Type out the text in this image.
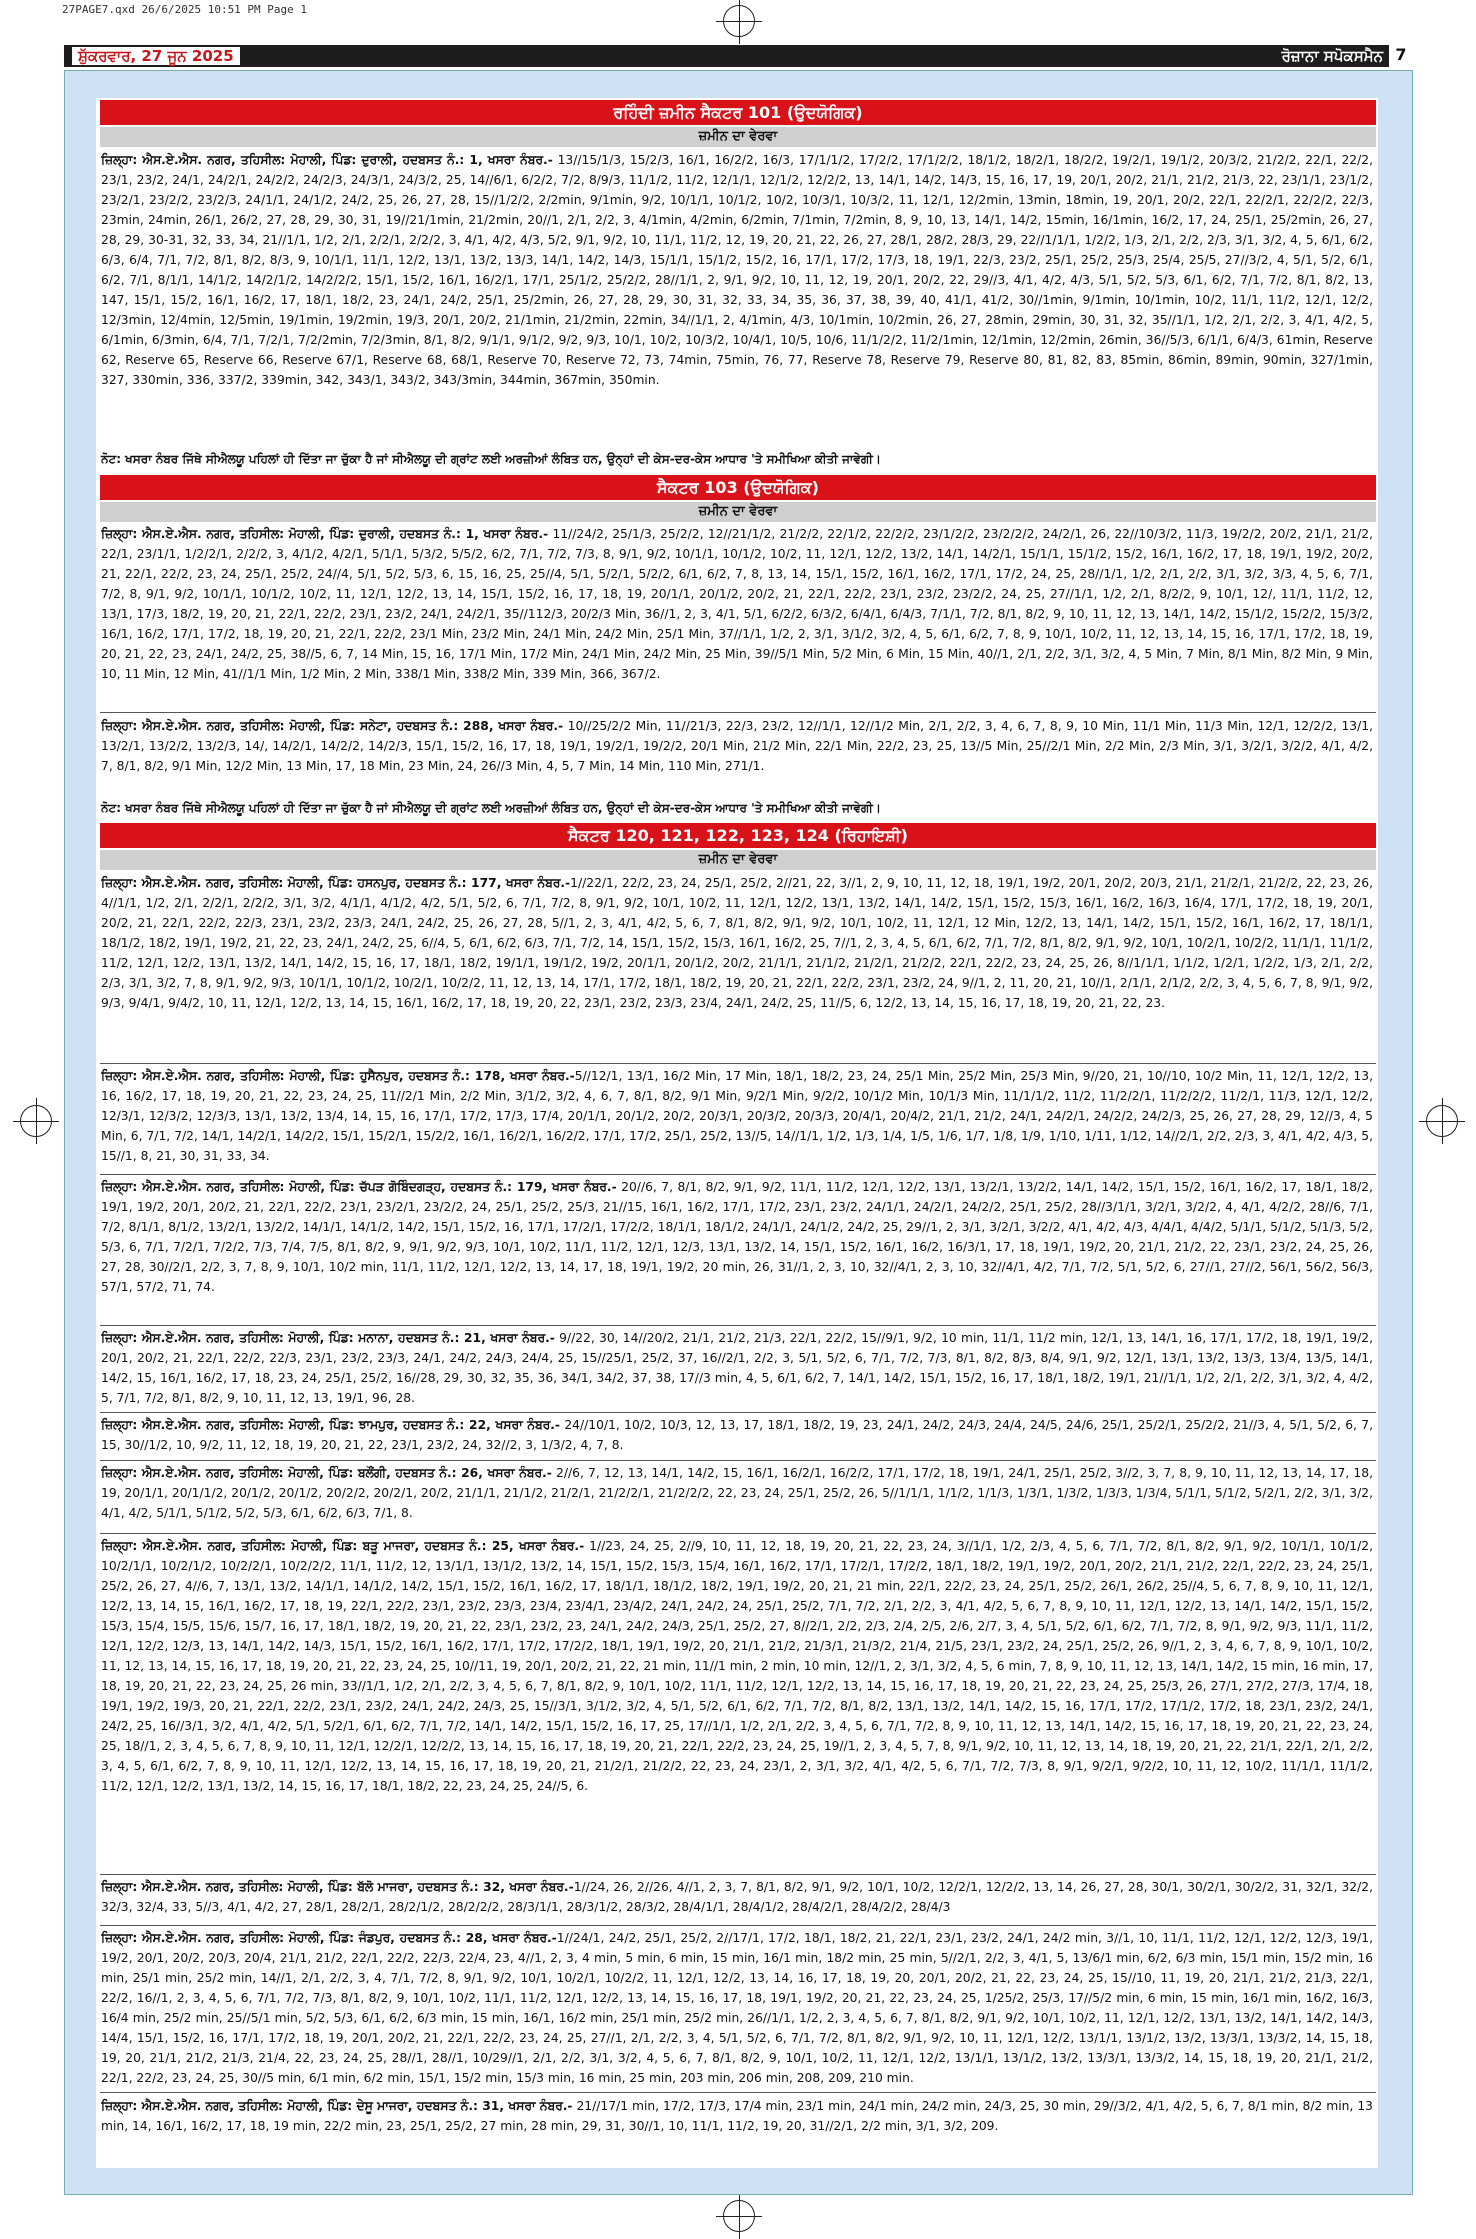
27PAGE7.qxd 26/6/2025 10:51 PM Page 1
ਸ਼ੁੱਕਰਵਾਰ, 27 ਜੂਨ 2025	ਰੋਜ਼ਾਨਾ ਸਪੋਕਸਮੈਨ 7
ਰਹਿੰਦੀ ਜ਼ਮੀਨ ਸੈਕਟਰ 101 (ਉਦਯੋਗਿਕ)
ਜ਼ਮੀਨ ਦਾ ਵੇਰਵਾ
ਜ਼ਿਲ੍ਹਾ: ਐਸ.ਏ.ਐਸ. ਨਗਰ, ਤਹਿਸੀਲ: ਮੋਹਾਲੀ, ਪਿੰਡ: ਦੁਰਾਲੀ, ਹਦਬਸਤ ਨੰ.: 1, ਖਸਰਾ ਨੰਬਰ.- 13//15/1/3, 15/2/3, 16/1, 16/2/2, 16/3, 17/1/1/2, 17/2/2, 17/1/2/2, 18/1/2, 18/2/1, 18/2/2, 19/2/1, 19/1/2, 20/3/2, 21/2/2, 22/1, 22/2, 23/1, 23/2, 24/1, 24/2/1, 24/2/2, 24/2/3, 24/3/1, 24/3/2, 25, 14//6/1, 6/2/2, 7/2, 8/9/3, 11/1/2, 11/2, 12/1/1, 12/1/2, 12/2/2, 13, 14/1, 14/2, 14/3, 15, 16, 17, 19, 20/1, 20/2, 21/1, 21/2, 21/3, 22, 23/1/1, 23/1/2, 23/2/1, 23/2/2, 23/2/3, 24/1/1, 24/1/2, 24/2, 25, 26, 27, 28, 15//1/2/2, 2/2min, 9/1min, 9/2, 10/1/1, 10/1/2, 10/2, 10/3/1, 10/3/2, 11, 12/1, 12/2min, 13min, 18min, 19, 20/1, 20/2, 22/1, 22/2/1, 22/2/2, 22/3, 23min, 24min, 26/1, 26/2, 27, 28, 29, 30, 31, 19//21/1min, 21/2min, 20//1, 2/1, 2/2, 3, 4/1min, 4/2min, 6/2min, 7/1min, 7/2min, 8, 9, 10, 13, 14/1, 14/2, 15min, 16/1min, 16/2, 17, 24, 25/1, 25/2min, 26, 27, 28, 29, 30-31, 32, 33, 34, 21//1/1, 1/2, 2/1, 2/2/1, 2/2/2, 3, 4/1, 4/2, 4/3, 5/2, 9/1, 9/2, 10, 11/1, 11/2, 12, 19, 20, 21, 22, 26, 27, 28/1, 28/2, 28/3, 29, 22//1/1/1, 1/2/2, 1/3, 2/1, 2/2, 2/3, 3/1, 3/2, 4, 5, 6/1, 6/2, 6/3, 6/4, 7/1, 7/2, 8/1, 8/2, 8/3, 9, 10/1/1, 11/1, 12/2, 13/1, 13/2, 13/3, 14/1, 14/2, 14/3, 15/1/1, 15/1/2, 15/2, 16, 17/1, 17/2, 17/3, 18, 19/1, 22/3, 23/2, 25/1, 25/2, 25/3, 25/4, 25/5, 27//3/2, 4, 5/1, 5/2, 6/1, 6/2, 7/1, 8/1/1, 14/1/2, 14/2/1/2, 14/2/2/2, 15/1, 15/2, 16/1, 16/2/1, 17/1, 25/1/2, 25/2/2, 28//1/1, 2, 9/1, 9/2, 10, 11, 12, 19, 20/1, 20/2, 22, 29//3, 4/1, 4/2, 4/3, 5/1, 5/2, 5/3, 6/1, 6/2, 7/1, 7/2, 8/1, 8/2, 13, 147, 15/1, 15/2, 16/1, 16/2, 17, 18/1, 18/2, 23, 24/1, 24/2, 25/1, 25/2min, 26, 27, 28, 29, 30, 31, 32, 33, 34, 35, 36, 37, 38, 39, 40, 41/1, 41/2, 30//1min, 9/1min, 10/1min, 10/2, 11/1, 11/2, 12/1, 12/2, 12/3min, 12/4min, 12/5min, 19/1min, 19/2min, 19/3, 20/1, 20/2, 21/1min, 21/2min, 22min, 34//1/1, 2, 4/1min, 4/3, 10/1min, 10/2min, 26, 27, 28min, 29min, 30, 31, 32, 35//1/1, 1/2, 2/1, 2/2, 3, 4/1, 4/2, 5, 6/1min, 6/3min, 6/4, 7/1, 7/2/1, 7/2/2min, 7/2/3min, 8/1, 8/2, 9/1/1, 9/1/2, 9/2, 9/3, 10/1, 10/2, 10/3/2, 10/4/1, 10/5, 10/6, 11/1/2/2, 11/2/1min, 12/1min, 12/2min, 26min, 36//5/3, 6/1/1, 6/4/3, 61min, Reserve 62, Reserve 65, Reserve 66, Reserve 67/1, Reserve 68, 68/1, Reserve 70, Reserve 72, 73, 74min, 75min, 76, 77, Reserve 78, Reserve 79, Reserve 80, 81, 82, 83, 85min, 86min, 89min, 90min, 327/1min, 327, 330min, 336, 337/2, 339min, 342, 343/1, 343/2, 343/3min, 344min, 367min, 350min.
ਨੋਟ: ਖਸਰਾ ਨੰਬਰ ਜਿੱਥੇ ਸੀਐਲਯੂ ਪਹਿਲਾਂ ਹੀ ਦਿੱਤਾ ਜਾ ਚੁੱਕਾ ਹੈ ਜਾਂ ਸੀਐਲਯੂ ਦੀ ਗ੍ਰਾਂਟ ਲਈ ਅਰਜ਼ੀਆਂ ਲੰਬਿਤ ਹਨ, ਉਨ੍ਹਾਂ ਦੀ ਕੇਸ-ਦਰ-ਕੇਸ ਆਧਾਰ 'ਤੇ ਸਮੀਖਿਆ ਕੀਤੀ ਜਾਵੇਗੀ।
ਸੈਕਟਰ 103 (ਉਦਯੋਗਿਕ)
ਜ਼ਮੀਨ ਦਾ ਵੇਰਵਾ
ਜ਼ਿਲ੍ਹਾ: ਐਸ.ਏ.ਐਸ. ਨਗਰ, ਤਹਿਸੀਲ: ਮੋਹਾਲੀ, ਪਿੰਡ: ਦੁਰਾਲੀ, ਹਦਬਸਤ ਨੰ.: 1, ਖਸਰਾ ਨੰਬਰ.- 11//24/2, 25/1/3, 25/2/2, 12//21/1/2, 21/2/2, 22/1/2, 22/2/2, 23/1/2/2, 23/2/2/2, 24/2/1, 26, 22//10/3/2, 11/3, 19/2/2, 20/2, 21/1, 21/2, 22/1, 23/1/1, 1/2/2/1, 2/2/2, 3, 4/1/2, 4/2/1, 5/1/1, 5/3/2, 5/5/2, 6/2, 7/1, 7/2, 7/3, 8, 9/1, 9/2, 10/1/1, 10/1/2, 10/2, 11, 12/1, 12/2, 13/2, 14/1, 14/2/1, 15/1/1, 15/1/2, 15/2, 16/1, 16/2, 17, 18, 19/1, 19/2, 20/2, 21, 22/1, 22/2, 23, 24, 25/1, 25/2, 24//4, 5/1, 5/2, 5/3, 6, 15, 16, 25, 25//4, 5/1, 5/2/1, 5/2/2, 6/1, 6/2, 7, 8, 13, 14, 15/1, 15/2, 16/1, 16/2, 17/1, 17/2, 24, 25, 28//1/1, 1/2, 2/1, 2/2, 3/1, 3/2, 3/3, 4, 5, 6, 7/1, 7/2, 8, 9/1, 9/2, 10/1/1, 10/1/2, 10/2, 11, 12/1, 12/2, 13, 14, 15/1, 15/2, 16, 17, 18, 19, 20/1/1, 20/1/2, 20/2, 21, 22/1, 22/2, 23/1, 23/2, 23/2/2, 24, 25, 27//1/1, 1/2, 2/1, 8/2/2, 9, 10/1, 12/, 11/1, 11/2, 12, 13/1, 17/3, 18/2, 19, 20, 21, 22/1, 22/2, 23/1, 23/2, 24/1, 24/2/1, 35//112/3, 20/2/3 Min, 36//1, 2, 3, 4/1, 5/1, 6/2/2, 6/3/2, 6/4/1, 6/4/3, 7/1/1, 7/2, 8/1, 8/2, 9, 10, 11, 12, 13, 14/1, 14/2, 15/1/2, 15/2/2, 15/3/2, 16/1, 16/2, 17/1, 17/2, 18, 19, 20, 21, 22/1, 22/2, 23/1 Min, 23/2 Min, 24/1 Min, 24/2 Min, 25/1 Min, 37//1/1, 1/2, 2, 3/1, 3/1/2, 3/2, 4, 5, 6/1, 6/2, 7, 8, 9, 10/1, 10/2, 11, 12, 13, 14, 15, 16, 17/1, 17/2, 18, 19, 20, 21, 22, 23, 24/1, 24/2, 25, 38//5, 6, 7, 14 Min, 15, 16, 17/1 Min, 17/2 Min, 24/1 Min, 24/2 Min, 25 Min, 39//5/1 Min, 5/2 Min, 6 Min, 15 Min, 40//1, 2/1, 2/2, 3/1, 3/2, 4, 5 Min, 7 Min, 8/1 Min, 8/2 Min, 9 Min, 10, 11 Min, 12 Min, 41//1/1 Min, 1/2 Min, 2 Min, 338/1 Min, 338/2 Min, 339 Min, 366, 367/2.
ਜ਼ਿਲ੍ਹਾ: ਐਸ.ਏ.ਐਸ. ਨਗਰ, ਤਹਿਸੀਲ: ਮੋਹਾਲੀ, ਪਿੰਡ: ਸਨੇਟਾ, ਹਦਬਸਤ ਨੰ.: 288, ਖਸਰਾ ਨੰਬਰ.- 10//25/2/2 Min, 11//21/3, 22/3, 23/2, 12//1/1, 12//1/2 Min, 2/1, 2/2, 3, 4, 6, 7, 8, 9, 10 Min, 11/1 Min, 11/3 Min, 12/1, 12/2/2, 13/1, 13/2/1, 13/2/2, 13/2/3, 14/, 14/2/1, 14/2/2, 14/2/3, 15/1, 15/2, 16, 17, 18, 19/1, 19/2/1, 19/2/2, 20/1 Min, 21/2 Min, 22/1 Min, 22/2, 23, 25, 13//5 Min, 25//2/1 Min, 2/2 Min, 2/3 Min, 3/1, 3/2/1, 3/2/2, 4/1, 4/2, 7, 8/1, 8/2, 9/1 Min, 12/2 Min, 13 Min, 17, 18 Min, 23 Min, 24, 26//3 Min, 4, 5, 7 Min, 14 Min, 110 Min, 271/1.
ਨੋਟ: ਖਸਰਾ ਨੰਬਰ ਜਿੱਥੇ ਸੀਐਲਯੂ ਪਹਿਲਾਂ ਹੀ ਦਿੱਤਾ ਜਾ ਚੁੱਕਾ ਹੈ ਜਾਂ ਸੀਐਲਯੂ ਦੀ ਗ੍ਰਾਂਟ ਲਈ ਅਰਜ਼ੀਆਂ ਲੰਬਿਤ ਹਨ, ਉਨ੍ਹਾਂ ਦੀ ਕੇਸ-ਦਰ-ਕੇਸ ਆਧਾਰ 'ਤੇ ਸਮੀਖਿਆ ਕੀਤੀ ਜਾਵੇਗੀ।
ਸੈਕਟਰ 120, 121, 122, 123, 124 (ਰਿਹਾਇਸ਼ੀ)
ਜ਼ਮੀਨ ਦਾ ਵੇਰਵਾ
ਜ਼ਿਲ੍ਹਾ: ਐਸ.ਏ.ਐਸ. ਨਗਰ, ਤਹਿਸੀਲ: ਮੋਹਾਲੀ, ਪਿੰਡ: ਹਸਨਪੁਰ, ਹਦਬਸਤ ਨੰ.: 177, ਖਸਰਾ ਨੰਬਰ.-1//22/1, 22/2, 23, 24, 25/1, 25/2, 2//21, 22, 3//1, 2, 9, 10, 11, 12, 18, 19/1, 19/2, 20/1, 20/2, 20/3, 21/1, 21/2/1, 21/2/2, 22, 23, 26, 4//1/1, 1/2, 2/1, 2/2/1, 2/2/2, 3/1, 3/2, 4/1/1, 4/1/2, 4/2, 5/1, 5/2, 6, 7/1, 7/2, 8, 9/1, 9/2, 10/1, 10/2, 11, 12/1, 12/2, 13/1, 13/2, 14/1, 14/2, 15/1, 15/2, 15/3, 16/1, 16/2, 16/3, 16/4, 17/1, 17/2, 18, 19, 20/1, 20/2, 21, 22/1, 22/2, 22/3, 23/1, 23/2, 23/3, 24/1, 24/2, 25, 26, 27, 28, 5//1, 2, 3, 4/1, 4/2, 5, 6, 7, 8/1, 8/2, 9/1, 9/2, 10/1, 10/2, 11, 12/1, 12 Min, 12/2, 13, 14/1, 14/2, 15/1, 15/2, 16/1, 16/2, 17, 18/1/1, 18/1/2, 18/2, 19/1, 19/2, 21, 22, 23, 24/1, 24/2, 25, 6//4, 5, 6/1, 6/2, 6/3, 7/1, 7/2, 14, 15/1, 15/2, 15/3, 16/1, 16/2, 25, 7//1, 2, 3, 4, 5, 6/1, 6/2, 7/1, 7/2, 8/1, 8/2, 9/1, 9/2, 10/1, 10/2/1, 10/2/2, 11/1/1, 11/1/2, 11/2, 12/1, 12/2, 13/1, 13/2, 14/1, 14/2, 15, 16, 17, 18/1, 18/2, 19/1/1, 19/1/2, 19/2, 20/1/1, 20/1/2, 20/2, 21/1/1, 21/1/2, 21/2/1, 21/2/2, 22/1, 22/2, 23, 24, 25, 26, 8//1/1/1, 1/1/2, 1/2/1, 1/2/2, 1/3, 2/1, 2/2, 2/3, 3/1, 3/2, 7, 8, 9/1, 9/2, 9/3, 10/1/1, 10/1/2, 10/2/1, 10/2/2, 11, 12, 13, 14, 17/1, 17/2, 18/1, 18/2, 19, 20, 21, 22/1, 22/2, 23/1, 23/2, 24, 9//1, 2, 11, 20, 21, 10//1, 2/1/1, 2/1/2, 2/2, 3, 4, 5, 6, 7, 8, 9/1, 9/2, 9/3, 9/4/1, 9/4/2, 10, 11, 12/1, 12/2, 13, 14, 15, 16/1, 16/2, 17, 18, 19, 20, 22, 23/1, 23/2, 23/3, 23/4, 24/1, 24/2, 25, 11//5, 6, 12/2, 13, 14, 15, 16, 17, 18, 19, 20, 21, 22, 23.
ਜ਼ਿਲ੍ਹਾ: ਐਸ.ਏ.ਐਸ. ਨਗਰ, ਤਹਿਸੀਲ: ਮੋਹਾਲੀ, ਪਿੰਡ: ਹੁਸੈਨਪੁਰ, ਹਦਬਸਤ ਨੰ.: 178, ਖਸਰਾ ਨੰਬਰ.-5//12/1, 13/1, 16/2 Min, 17 Min, 18/1, 18/2, 23, 24, 25/1 Min, 25/2 Min, 25/3 Min, 9//20, 21, 10//10, 10/2 Min, 11, 12/1, 12/2, 13, 16, 16/2, 17, 18, 19, 20, 21, 22, 23, 24, 25, 11//2/1 Min, 2/2 Min, 3/1/2, 3/2, 4, 6, 7, 8/1, 8/2, 9/1 Min, 9/2/1 Min, 9/2/2, 10/1/2 Min, 10/1/3 Min, 11/1/1/2, 11/2, 11/2/2/1, 11/2/2/2, 11/2/1, 11/3, 12/1, 12/2, 12/3/1, 12/3/2, 12/3/3, 13/1, 13/2, 13/4, 14, 15, 16, 17/1, 17/2, 17/3, 17/4, 20/1/1, 20/1/2, 20/2, 20/3/1, 20/3/2, 20/3/3, 20/4/1, 20/4/2, 21/1, 21/2, 24/1, 24/2/1, 24/2/2, 24/2/3, 25, 26, 27, 28, 29, 12//3, 4, 5 Min, 6, 7/1, 7/2, 14/1, 14/2/1, 14/2/2, 15/1, 15/2/1, 15/2/2, 16/1, 16/2/1, 16/2/2, 17/1, 17/2, 25/1, 25/2, 13//5, 14//1/1, 1/2, 1/3, 1/4, 1/5, 1/6, 1/7, 1/8, 1/9, 1/10, 1/11, 1/12, 14//2/1, 2/2, 2/3, 3, 4/1, 4/2, 4/3, 5, 15//1, 8, 21, 30, 31, 33, 34.
ਜ਼ਿਲ੍ਹਾ: ਐਸ.ਏ.ਐਸ. ਨਗਰ, ਤਹਿਸੀਲ: ਮੋਹਾਲੀ, ਪਿੰਡ: ਚੱਪੜ ਗੋਬਿੰਦਗੜ੍ਹ, ਹਦਬਸਤ ਨੰ.: 179, ਖਸਰਾ ਨੰਬਰ.- 20//6, 7, 8/1, 8/2, 9/1, 9/2, 11/1, 11/2, 12/1, 12/2, 13/1, 13/2/1, 13/2/2, 14/1, 14/2, 15/1, 15/2, 16/1, 16/2, 17, 18/1, 18/2, 19/1, 19/2, 20/1, 20/2, 21, 22/1, 22/2, 23/1, 23/2/1, 23/2/2, 24, 25/1, 25/2, 25/3, 21//15, 16/1, 16/2, 17/1, 17/2, 23/1, 23/2, 24/1/1, 24/2/1, 24/2/2, 25/1, 25/2, 28//3/1/1, 3/2/1, 3/2/2, 4, 4/1, 4/2/2, 28//6, 7/1, 7/2, 8/1/1, 8/1/2, 13/2/1, 13/2/2, 14/1/1, 14/1/2, 14/2, 15/1, 15/2, 16, 17/1, 17/2/1, 17/2/2, 18/1/1, 18/1/2, 24/1/1, 24/1/2, 24/2, 25, 29//1, 2, 3/1, 3/2/1, 3/2/2, 4/1, 4/2, 4/3, 4/4/1, 4/4/2, 5/1/1, 5/1/2, 5/1/3, 5/2, 5/3, 6, 7/1, 7/2/1, 7/2/2, 7/3, 7/4, 7/5, 8/1, 8/2, 9, 9/1, 9/2, 9/3, 10/1, 10/2, 11/1, 11/2, 12/1, 12/3, 13/1, 13/2, 14, 15/1, 15/2, 16/1, 16/2, 16/3/1, 17, 18, 19/1, 19/2, 20, 21/1, 21/2, 22, 23/1, 23/2, 24, 25, 26, 27, 28, 30//2/1, 2/2, 3, 7, 8, 9, 10/1, 10/2 min, 11/1, 11/2, 12/1, 12/2, 13, 14, 17, 18, 19/1, 19/2, 20 min, 26, 31//1, 2, 3, 10, 32//4/1, 2, 3, 10, 32//4/1, 4/2, 7/1, 7/2, 5/1, 5/2, 6, 27//1, 27//2, 56/1, 56/2, 56/3, 57/1, 57/2, 71, 74.
ਜ਼ਿਲ੍ਹਾ: ਐਸ.ਏ.ਐਸ. ਨਗਰ, ਤਹਿਸੀਲ: ਮੋਹਾਲੀ, ਪਿੰਡ: ਮਨਾਨਾ, ਹਦਬਸਤ ਨੰ.: 21, ਖਸਰਾ ਨੰਬਰ.- 9//22, 30, 14//20/2, 21/1, 21/2, 21/3, 22/1, 22/2, 15//9/1, 9/2, 10 min, 11/1, 11/2 min, 12/1, 13, 14/1, 16, 17/1, 17/2, 18, 19/1, 19/2, 20/1, 20/2, 21, 22/1, 22/2, 22/3, 23/1, 23/2, 23/3, 24/1, 24/2, 24/3, 24/4, 25, 15//25/1, 25/2, 37, 16//2/1, 2/2, 3, 5/1, 5/2, 6, 7/1, 7/2, 7/3, 8/1, 8/2, 8/3, 8/4, 9/1, 9/2, 12/1, 13/1, 13/2, 13/3, 13/4, 13/5, 14/1, 14/2, 15, 16/1, 16/2, 17, 18, 23, 24, 25/1, 25/2, 16//28, 29, 30, 32, 35, 36, 34/1, 34/2, 37, 38, 17//3 min, 4, 5, 6/1, 6/2, 7, 14/1, 14/2, 15/1, 15/2, 16, 17, 18/1, 18/2, 19/1, 21//1/1, 1/2, 2/1, 2/2, 3/1, 3/2, 4, 4/2, 5, 7/1, 7/2, 8/1, 8/2, 9, 10, 11, 12, 13, 19/1, 96, 28.
ਜ਼ਿਲ੍ਹਾ: ਐਸ.ਏ.ਐਸ. ਨਗਰ, ਤਹਿਸੀਲ: ਮੋਹਾਲੀ, ਪਿੰਡ: ਝਾਮਪੁਰ, ਹਦਬਸਤ ਨੰ.: 22, ਖਸਰਾ ਨੰਬਰ.- 24//10/1, 10/2, 10/3, 12, 13, 17, 18/1, 18/2, 19, 23, 24/1, 24/2, 24/3, 24/4, 24/5, 24/6, 25/1, 25/2/1, 25/2/2, 21//3, 4, 5/1, 5/2, 6, 7, 15, 30//1/2, 10, 9/2, 11, 12, 18, 19, 20, 21, 22, 23/1, 23/2, 24, 32//2, 3, 1/3/2, 4, 7, 8.
ਜ਼ਿਲ੍ਹਾ: ਐਸ.ਏ.ਐਸ. ਨਗਰ, ਤਹਿਸੀਲ: ਮੋਹਾਲੀ, ਪਿੰਡ: ਬਲੌਂਗੀ, ਹਦਬਸਤ ਨੰ.: 26, ਖਸਰਾ ਨੰਬਰ.- 2//6, 7, 12, 13, 14/1, 14/2, 15, 16/1, 16/2/1, 16/2/2, 17/1, 17/2, 18, 19/1, 24/1, 25/1, 25/2, 3//2, 3, 7, 8, 9, 10, 11, 12, 13, 14, 17, 18, 19, 20/1/1, 20/1/1/2, 20/1/2, 20/1/2, 20/2/2, 20/2/1, 20/2, 21/1/1, 21/1/2, 21/2/1, 21/2/2/1, 21/2/2/2, 22, 23, 24, 25/1, 25/2, 26, 5//1/1/1, 1/1/2, 1/1/3, 1/3/1, 1/3/2, 1/3/3, 1/3/4, 5/1/1, 5/1/2, 5/2/1, 2/2, 3/1, 3/2, 4/1, 4/2, 5/1/1, 5/1/2, 5/2, 5/3, 6/1, 6/2, 6/3, 7/1, 8.
ਜ਼ਿਲ੍ਹਾ: ਐਸ.ਏ.ਐਸ. ਨਗਰ, ਤਹਿਸੀਲ: ਮੋਹਾਲੀ, ਪਿੰਡ: ਬੜੂ ਮਾਜਰਾ, ਹਦਬਸਤ ਨੰ.: 25, ਖਸਰਾ ਨੰਬਰ.- 1//23, 24, 25, 2//9, 10, 11, 12, 18, 19, 20, 21, 22, 23, 24, 3//1/1, 1/2, 2/3, 4, 5, 6, 7/1, 7/2, 8/1, 8/2, 9/1, 9/2, 10/1/1, 10/1/2, 10/2/1/1, 10/2/1/2, 10/2/2/1, 10/2/2/2, 11/1, 11/2, 12, 13/1/1, 13/1/2, 13/2, 14, 15/1, 15/2, 15/3, 15/4, 16/1, 16/2, 17/1, 17/2/1, 17/2/2, 18/1, 18/2, 19/1, 19/2, 20/1, 20/2, 21/1, 21/2, 22/1, 22/2, 23, 24, 25/1, 25/2, 26, 27, 4//6, 7, 13/1, 13/2, 14/1/1, 14/1/2, 14/2, 15/1, 15/2, 16/1, 16/2, 17, 18/1/1, 18/1/2, 18/2, 19/1, 19/2, 20, 21, 21 min, 22/1, 22/2, 23, 24, 25/1, 25/2, 26/1, 26/2, 25//4, 5, 6, 7, 8, 9, 10, 11, 12/1, 12/2, 13, 14, 15, 16/1, 16/2, 17, 18, 19, 22/1, 22/2, 23/1, 23/2, 23/3, 23/4, 23/4/1, 23/4/2, 24/1, 24/2, 24, 25/1, 25/2, 7/1, 7/2, 2/1, 2/2, 3, 4/1, 4/2, 5, 6, 7, 8, 9, 10, 11, 12/1, 12/2, 13, 14/1, 14/2, 15/1, 15/2, 15/3, 15/4, 15/5, 15/6, 15/7, 16, 17, 18/1, 18/2, 19, 20, 21, 22, 23/1, 23/2, 23, 24/1, 24/2, 24/3, 25/1, 25/2, 27, 8//2/1, 2/2, 2/3, 2/4, 2/5, 2/6, 2/7, 3, 4, 5/1, 5/2, 6/1, 6/2, 7/1, 7/2, 8, 9/1, 9/2, 9/3, 11/1, 11/2, 12/1, 12/2, 12/3, 13, 14/1, 14/2, 14/3, 15/1, 15/2, 16/1, 16/2, 17/1, 17/2, 17/2/2, 18/1, 19/1, 19/2, 20, 21/1, 21/2, 21/3/1, 21/3/2, 21/4, 21/5, 23/1, 23/2, 24, 25/1, 25/2, 26, 9//1, 2, 3, 4, 6, 7, 8, 9, 10/1, 10/2, 11, 12, 13, 14, 15, 16, 17, 18, 19, 20, 21, 22, 23, 24, 25, 10//11, 19, 20/1, 20/2, 21, 22, 21 min, 11//1 min, 2 min, 10 min, 12//1, 2, 3/1, 3/2, 4, 5, 6 min, 7, 8, 9, 10, 11, 12, 13, 14/1, 14/2, 15 min, 16 min, 17, 18, 19, 20, 21, 22, 23, 24, 25, 26 min, 33//1/1, 1/2, 2/1, 2/2, 3, 4, 5, 6, 7, 8/1, 8/2, 9, 10/1, 10/2, 11/1, 11/2, 12/1, 12/2, 13, 14, 15, 16, 17, 18, 19, 20, 21, 22, 23, 24, 25, 25/3, 26, 27/1, 27/2, 27/3, 17/4, 18, 19/1, 19/2, 19/3, 20, 21, 22/1, 22/2, 23/1, 23/2, 24/1, 24/2, 24/3, 25, 15//3/1, 3/1/2, 3/2, 4, 5/1, 5/2, 6/1, 6/2, 7/1, 7/2, 8/1, 8/2, 13/1, 13/2, 14/1, 14/2, 15, 16, 17/1, 17/2, 17/1/2, 17/2, 18, 23/1, 23/2, 24/1, 24/2, 25, 16//3/1, 3/2, 4/1, 4/2, 5/1, 5/2/1, 6/1, 6/2, 7/1, 7/2, 14/1, 14/2, 15/1, 15/2, 16, 17, 25, 17//1/1, 1/2, 2/1, 2/2, 3, 4, 5, 6, 7/1, 7/2, 8, 9, 10, 11, 12, 13, 14/1, 14/2, 15, 16, 17, 18, 19, 20, 21, 22, 23, 24, 25, 18//1, 2, 3, 4, 5, 6, 7, 8, 9, 10, 11, 12/1, 12/2/1, 12/2/2, 13, 14, 15, 16, 17, 18, 19, 20, 21, 22/1, 22/2, 23, 24, 25, 19//1, 2, 3, 4, 5, 7, 8, 9/1, 9/2, 10, 11, 12, 13, 14, 18, 19, 20, 21, 22, 21/1, 22/1, 2/1, 2/2, 3, 4, 5, 6/1, 6/2, 7, 8, 9, 10, 11, 12/1, 12/2, 13, 14, 15, 16, 17, 18, 19, 20, 21, 21/2/1, 21/2/2, 22, 23, 24, 23/1, 2, 3/1, 3/2, 4/1, 4/2, 5, 6, 7/1, 7/2, 7/3, 8, 9/1, 9/2/1, 9/2/2, 10, 11, 12, 10/2, 11/1/1, 11/1/2, 11/2, 12/1, 12/2, 13/1, 13/2, 14, 15, 16, 17, 18/1, 18/2, 22, 23, 24, 25, 24//5, 6.
ਜ਼ਿਲ੍ਹਾ: ਐਸ.ਏ.ਐਸ. ਨਗਰ, ਤਹਿਸੀਲ: ਮੋਹਾਲੀ, ਪਿੰਡ: ਬੱਲੋ ਮਾਜਰਾ, ਹਦਬਸਤ ਨੰ.: 32, ਖਸਰਾ ਨੰਬਰ.-1//24, 26, 2//26, 4//1, 2, 3, 7, 8/1, 8/2, 9/1, 9/2, 10/1, 10/2, 12/2/1, 12/2/2, 13, 14, 26, 27, 28, 30/1, 30/2/1, 30/2/2, 31, 32/1, 32/2, 32/3, 32/4, 33, 5//3, 4/1, 4/2, 27, 28/1, 28/2/1, 28/2/1/2, 28/2/2/2, 28/3/1/1, 28/3/1/2, 28/3/2, 28/4/1/1, 28/4/1/2, 28/4/2/1, 28/4/2/2, 28/4/3
ਜ਼ਿਲ੍ਹਾ: ਐਸ.ਏ.ਐਸ. ਨਗਰ, ਤਹਿਸੀਲ: ਮੋਹਾਲੀ, ਪਿੰਡ: ਜੰਡਪੁਰ, ਹਦਬਸਤ ਨੰ.: 28, ਖਸਰਾ ਨੰਬਰ.-1//24/1, 24/2, 25/1, 25/2, 2//17/1, 17/2, 18/1, 18/2, 21, 22/1, 23/1, 23/2, 24/1, 24/2 min, 3//1, 10, 11/1, 11/2, 12/1, 12/2, 12/3, 19/1, 19/2, 20/1, 20/2, 20/3, 20/4, 21/1, 21/2, 22/1, 22/2, 22/3, 22/4, 23, 4//1, 2, 3, 4 min, 5 min, 6 min, 15 min, 16/1 min, 18/2 min, 25 min, 5//2/1, 2/2, 3, 4/1, 5, 13/6/1 min, 6/2, 6/3 min, 15/1 min, 15/2 min, 16 min, 25/1 min, 25/2 min, 14//1, 2/1, 2/2, 3, 4, 7/1, 7/2, 8, 9/1, 9/2, 10/1, 10/2/1, 10/2/2, 11, 12/1, 12/2, 13, 14, 16, 17, 18, 19, 20, 20/1, 20/2, 21, 22, 23, 24, 25, 15//10, 11, 19, 20, 21/1, 21/2, 21/3, 22/1, 22/2, 16//1, 2, 3, 4, 5, 6, 7/1, 7/2, 7/3, 8/1, 8/2, 9, 10/1, 10/2, 11/1, 11/2, 12/1, 12/2, 13, 14, 15, 16, 17, 18, 19/1, 19/2, 20, 21, 22, 23, 24, 25, 1/25/2, 25/3, 17//5/2 min, 6 min, 15 min, 16/1 min, 16/2, 16/3, 16/4 min, 25/2 min, 25//5/1 min, 5/2, 5/3, 6/1, 6/2, 6/3 min, 15 min, 16/1, 16/2 min, 25/1 min, 25/2 min, 26//1/1, 1/2, 2, 3, 4, 5, 6, 7, 8/1, 8/2, 9/1, 9/2, 10/1, 10/2, 11, 12/1, 12/2, 13/1, 13/2, 14/1, 14/2, 14/3, 14/4, 15/1, 15/2, 16, 17/1, 17/2, 18, 19, 20/1, 20/2, 21, 22/1, 22/2, 23, 24, 25, 27//1, 2/1, 2/2, 3, 4, 5/1, 5/2, 6, 7/1, 7/2, 8/1, 8/2, 9/1, 9/2, 10, 11, 12/1, 12/2, 13/1/1, 13/1/2, 13/2, 13/3/1, 13/3/2, 14, 15, 18, 19, 20, 21/1, 21/2, 21/3, 21/4, 22, 23, 24, 25, 28//1, 28//1, 10/29//1, 2/1, 2/2, 3/1, 3/2, 4, 5, 6, 7, 8/1, 8/2, 9, 10/1, 10/2, 11, 12/1, 12/2, 13/1/1, 13/1/2, 13/2, 13/3/1, 13/3/2, 14, 15, 18, 19, 20, 21/1, 21/2, 22/1, 22/2, 23, 24, 25, 30//5 min, 6/1 min, 6/2 min, 15/1, 15/2 min, 15/3 min, 16 min, 25 min, 203 min, 206 min, 208, 209, 210 min.
ਜ਼ਿਲ੍ਹਾ: ਐਸ.ਏ.ਐਸ. ਨਗਰ, ਤਹਿਸੀਲ: ਮੋਹਾਲੀ, ਪਿੰਡ: ਦੇਸੂ ਮਾਜਰਾ, ਹਦਬਸਤ ਨੰ.: 31, ਖਸਰਾ ਨੰਬਰ.- 21//17/1 min, 17/2, 17/3, 17/4 min, 23/1 min, 24/1 min, 24/2 min, 24/3, 25, 30 min, 29//3/2, 4/1, 4/2, 5, 6, 7, 8/1 min, 8/2 min, 13 min, 14, 16/1, 16/2, 17, 18, 19 min, 22/2 min, 23, 25/1, 25/2, 27 min, 28 min, 29, 31, 30//1, 10, 11/1, 11/2, 19, 20, 31//2/1, 2/2 min, 3/1, 3/2, 209.
